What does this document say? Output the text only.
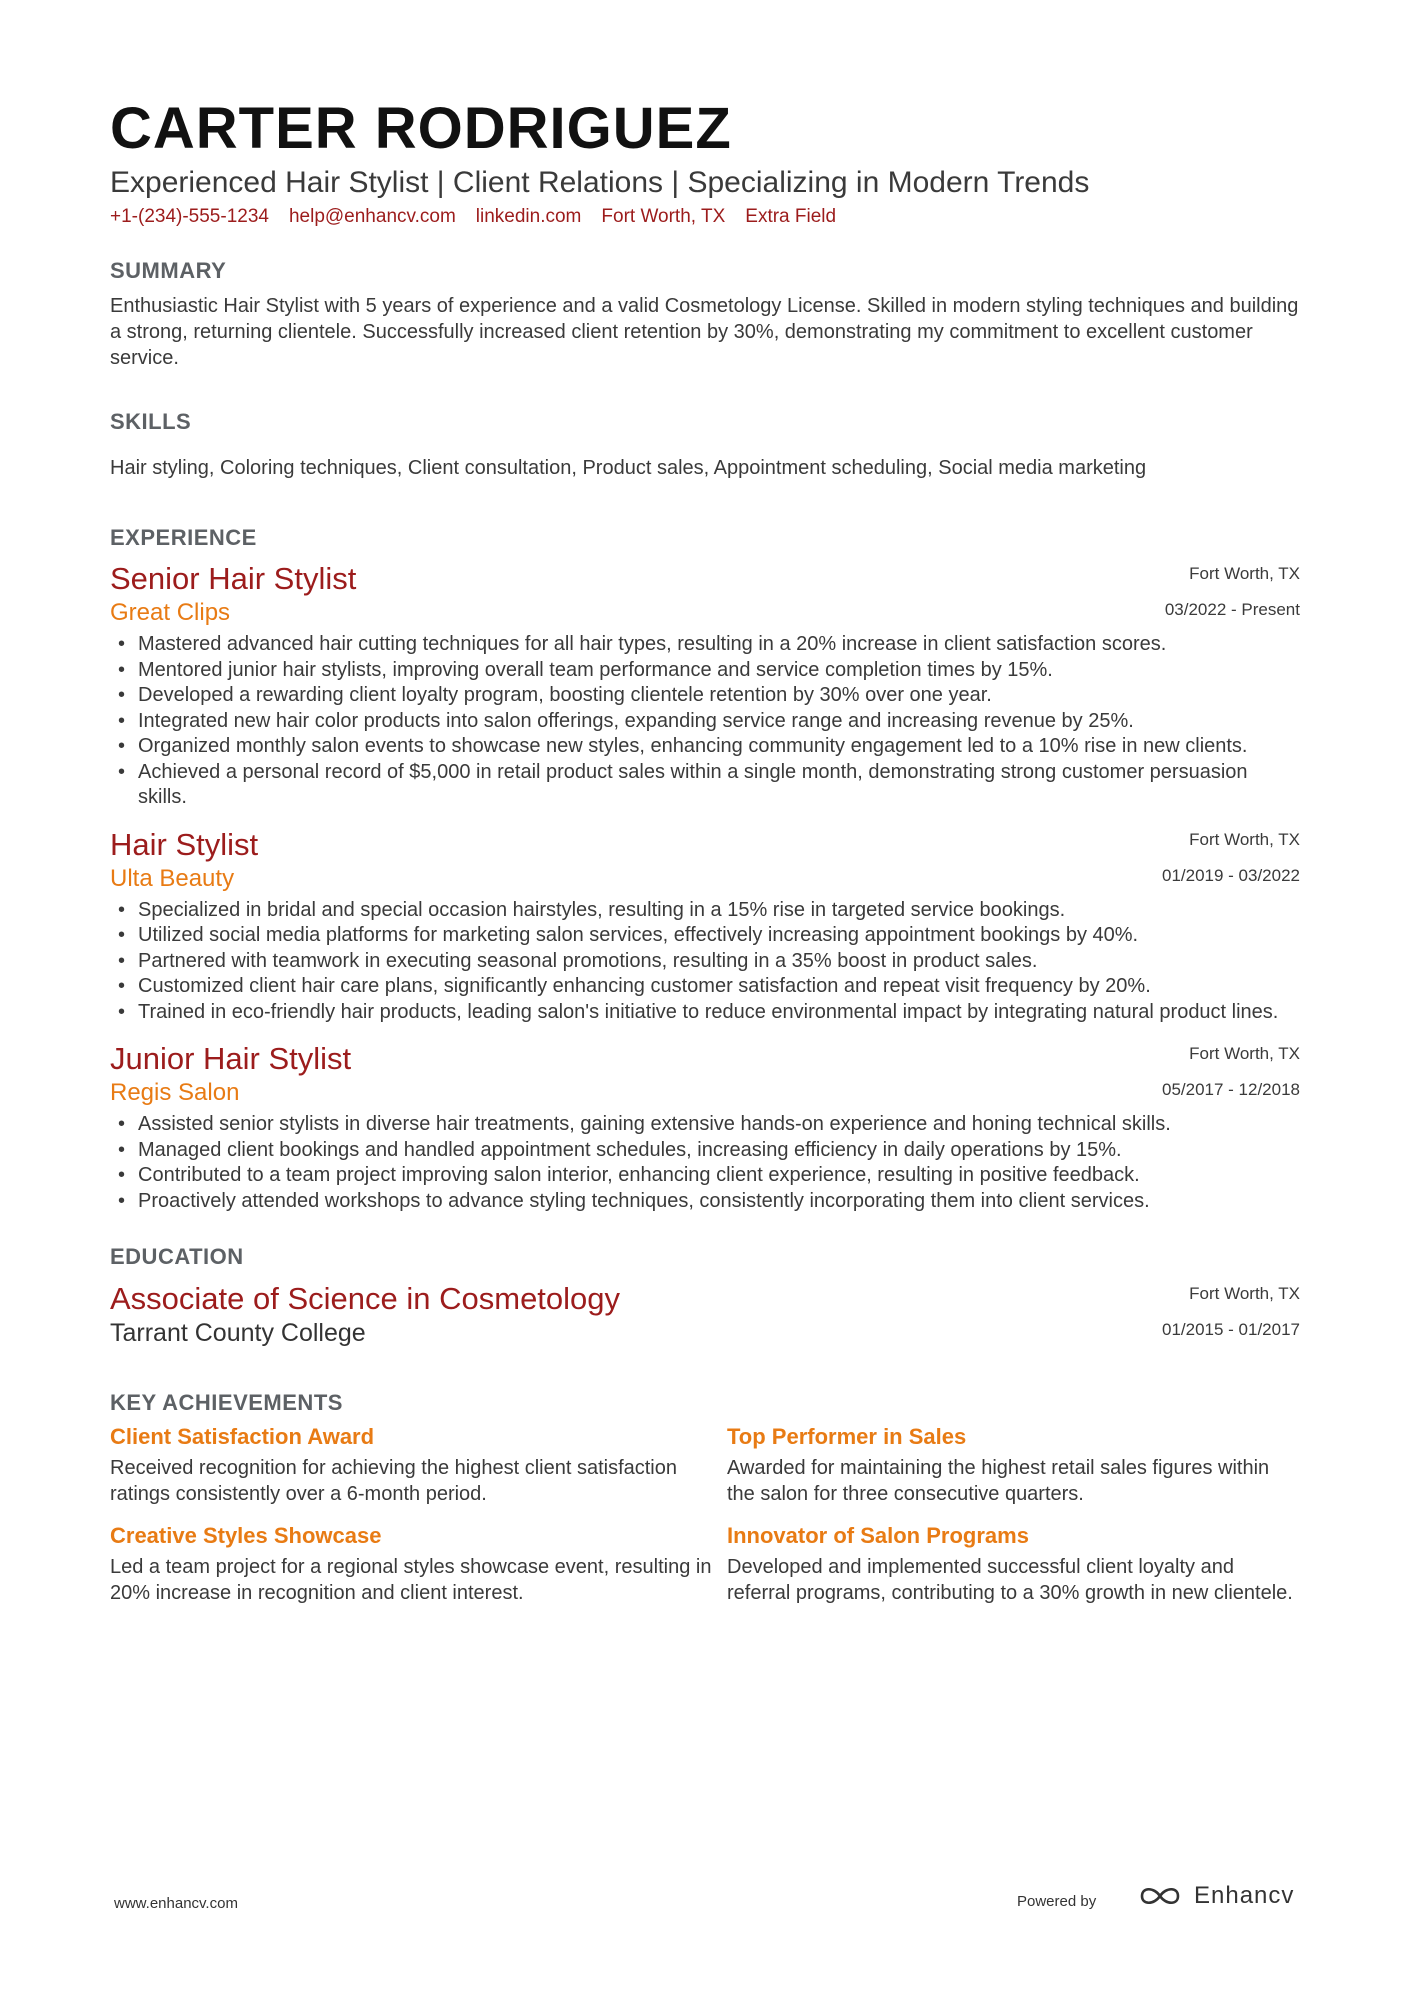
CARTER RODRIGUEZ
Experienced Hair Stylist | Client Relations | Specializing in Modern Trends
+1-(234)-555-1234 help@enhancv.com linkedin.com Fort Worth, TX Extra Field
SUMMARY

Enthusiastic Hair Stylist with 5 years of experience and a valid Cosmetology License. Skilled in modern styling techniques and building a strong, returning clientele. Successfully increased client retention by 30%, demonstrating my commitment to excellent customer service.

SKILLS

Hair styling, Coloring techniques, Client consultation, Product sales, Appointment scheduling, Social media marketing

EXPERIENCE
Fort Worth, TX
03/2022 - Present
Senior Hair Stylist
Great Clips
• Mastered advanced hair cutting techniques for all hair types, resulting in a 20% increase in client satisfaction scores.
• Mentored junior hair stylists, improving overall team performance and service completion times by 15%.
• Developed a rewarding client loyalty program, boosting clientele retention by 30% over one year.
• Integrated new hair color products into salon offerings, expanding service range and increasing revenue by 25%.
• Organized monthly salon events to showcase new styles, enhancing community engagement led to a 10% rise in new clients.
• Achieved a personal record of $5,000 in retail product sales within a single month, demonstrating strong customer persuasion skills.
Fort Worth, TX
01/2019 - 03/2022
Hair Stylist
Ulta Beauty
• Specialized in bridal and special occasion hairstyles, resulting in a 15% rise in targeted service bookings.
• Utilized social media platforms for marketing salon services, effectively increasing appointment bookings by 40%.
• Partnered with teamwork in executing seasonal promotions, resulting in a 35% boost in product sales.
• Customized client hair care plans, significantly enhancing customer satisfaction and repeat visit frequency by 20%.
• Trained in eco-friendly hair products, leading salon's initiative to reduce environmental impact by integrating natural product lines.
Fort Worth, TX
05/2017 - 12/2018
Junior Hair Stylist
Regis Salon
• Assisted senior stylists in diverse hair treatments, gaining extensive hands-on experience and honing technical skills.
• Managed client bookings and handled appointment schedules, increasing efficiency in daily operations by 15%.
• Contributed to a team project improving salon interior, enhancing client experience, resulting in positive feedback.
• Proactively attended workshops to advance styling techniques, consistently incorporating them into client services.
EDUCATION
Fort Worth, TX
01/2015 - 01/2017
Associate of Science in Cosmetology
Tarrant County College
KEY ACHIEVEMENTS
Client Satisfaction Award
Received recognition for achieving the highest client satisfaction ratings consistently over a 6-month period.
Top Performer in Sales
Awarded for maintaining the highest retail sales figures within the salon for three consecutive quarters.
Creative Styles Showcase
Led a team project for a regional styles showcase event, resulting in 20% increase in recognition and client interest.
Innovator of Salon Programs
Developed and implemented successful client loyalty and referral programs, contributing to a 30% growth in new clientele.
www.enhancv.com	Powered by	Enhancv
